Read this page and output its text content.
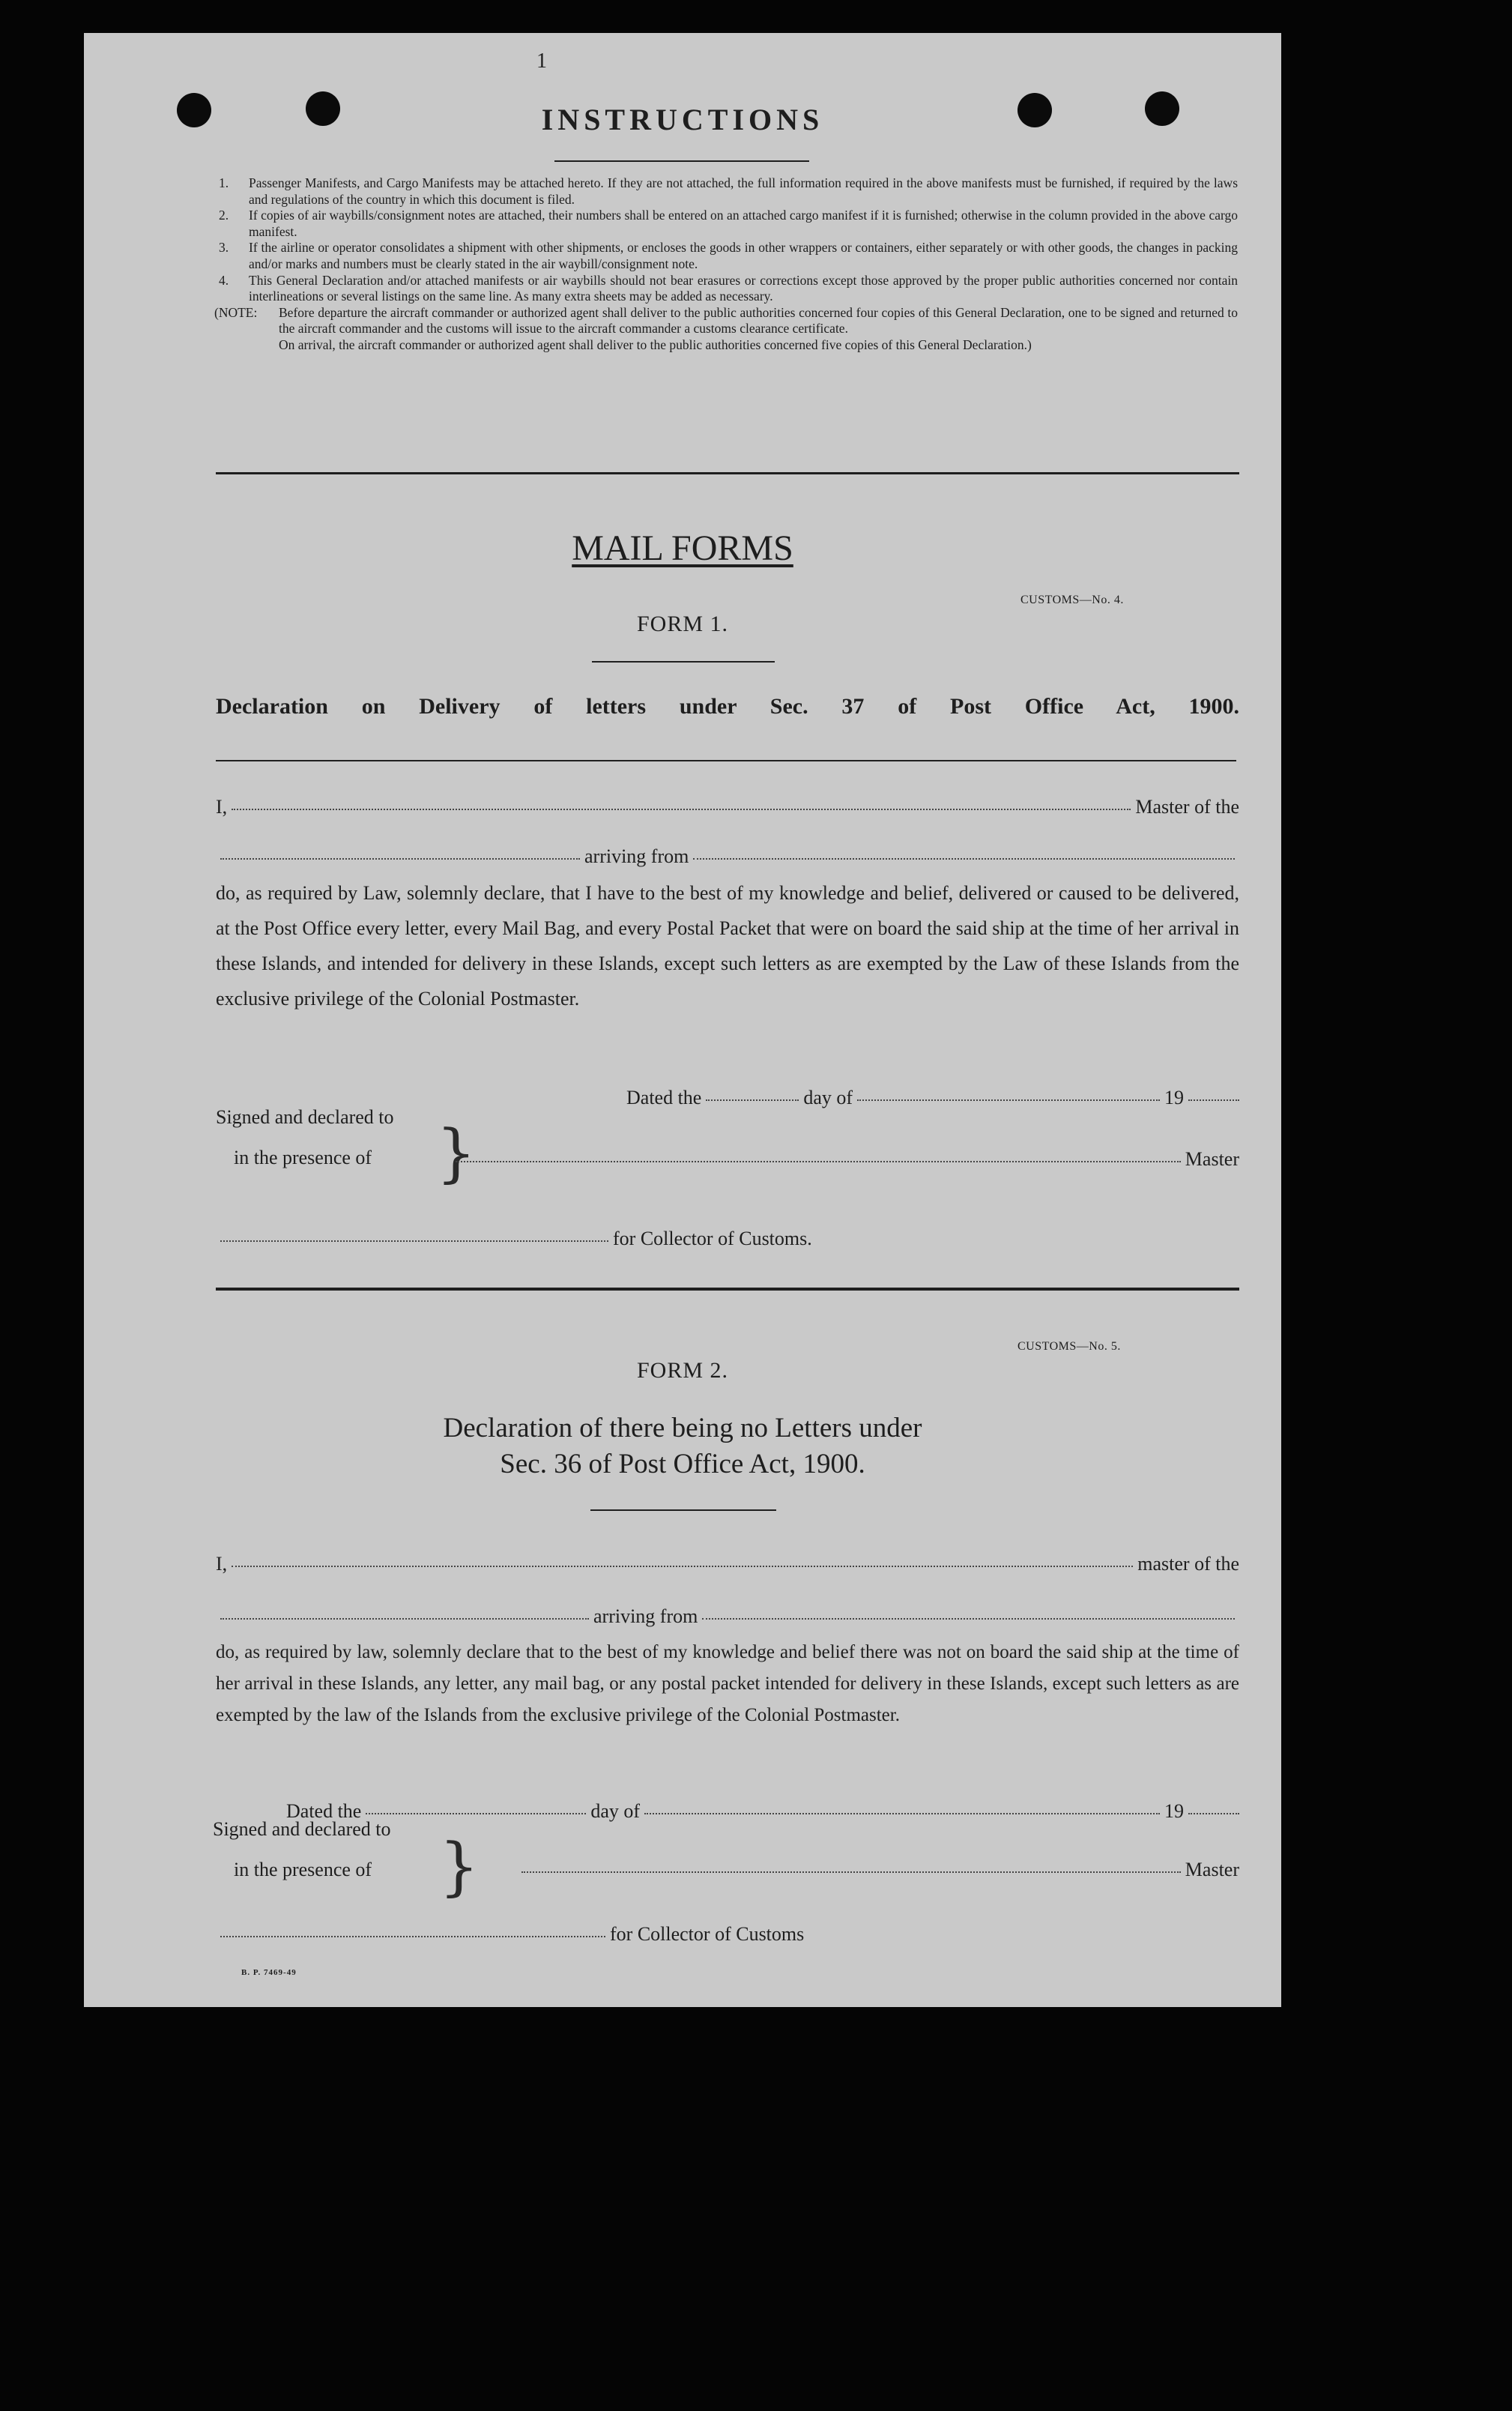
1
INSTRUCTIONS
1. Passenger Manifests, and Cargo Manifests may be attached hereto. If they are not attached, the full information required in the above manifests must be furnished, if required by the laws and regulations of the country in which this document is filed.
2. If copies of air waybills/consignment notes are attached, their numbers shall be entered on an attached cargo manifest if it is furnished; otherwise in the column provided in the above cargo manifest.
3. If the airline or operator consolidates a shipment with other shipments, or encloses the goods in other wrappers or containers, either separately or with other goods, the changes in packing and/or marks and numbers must be clearly stated in the air waybill/consignment note.
4. This General Declaration and/or attached manifests or air waybills should not bear erasures or corrections except those approved by the proper public authorities concerned nor contain interlineations or several listings on the same line. As many extra sheets may be added as necessary.
(NOTE:	Before departure the aircraft commander or authorized agent shall deliver to the public authorities concerned four copies of this General Declaration, one to be signed and returned to the aircraft commander and the customs will issue to the aircraft commander a customs clearance certificate.

On arrival, the aircraft commander or authorized agent shall deliver to the public authorities concerned five copies of this General Declaration.)

MAIL FORMS
CUSTOMS—No. 4.
FORM 1.
Declaration on Delivery of letters under Sec. 37 of Post Office Act, 1900.
I,	Master of the
arriving from
do, as required by Law, solemnly declare, that I have to the best of my knowledge and belief, delivered or caused to be delivered, at the Post Office every letter, every Mail Bag, and every Postal Packet that were on board the said ship at the time of her arrival in these Islands, and intended for delivery in these Islands, except such letters as are exempted by the Law of these Islands from the exclusive privilege of the Colonial Postmaster.
Dated the	day of	19
Signed and declared to
in the presence of	}	Master
for Collector of Customs.
CUSTOMS—No. 5.
FORM 2.
Declaration of there being no Letters under
Sec. 36 of Post Office Act, 1900.
I,	master of the
arriving from
do, as required by law, solemnly declare that to the best of my knowledge and belief there was not on board the said ship at the time of her arrival in these Islands, any letter, any mail bag, or any postal packet intended for delivery in these Islands, except such letters as are exempted by the law of the Islands from the exclusive privilege of the Colonial Postmaster.
Dated the	day of	19
Signed and declared to
in the presence of	}	Master
for Collector of Customs
B. P. 7469-49
